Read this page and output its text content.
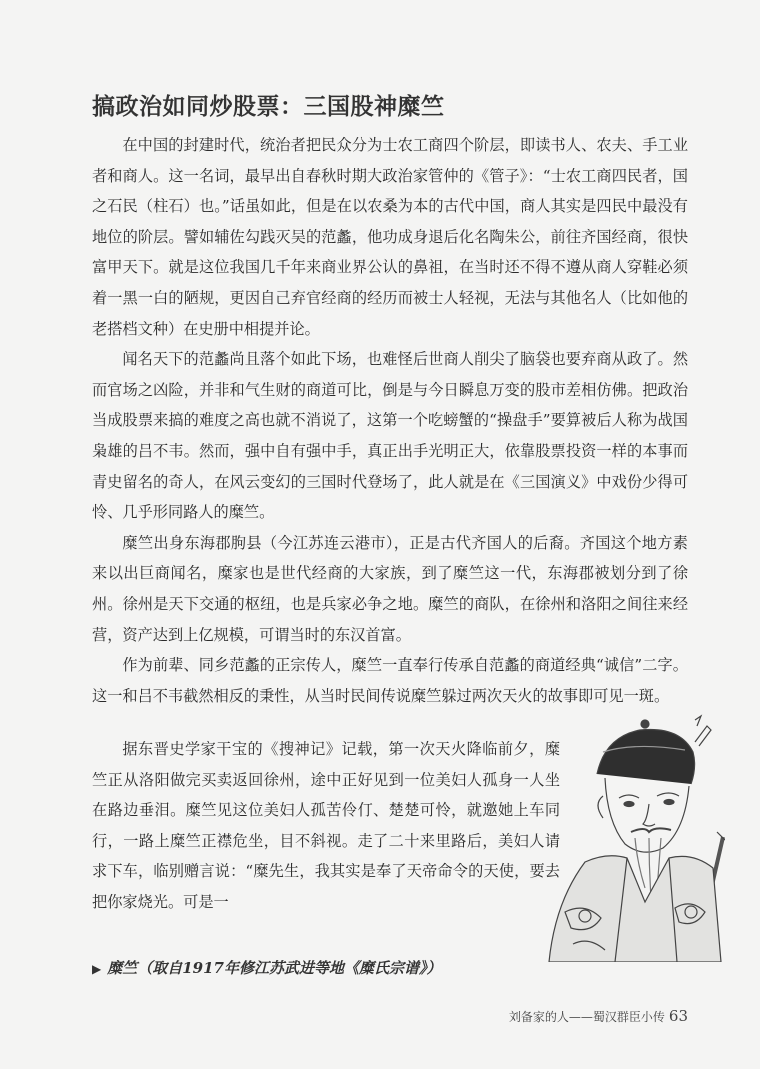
搞政治如同炒股票：三国股神糜竺

在中国的封建时代，统治者把民众分为士农工商四个阶层，即读书人、农夫、手工业者和商人。这一名词，最早出自春秋时期大政治家管仲的《管子》：“士农工商四民者，国之石民（柱石）也。”话虽如此，但是在以农桑为本的古代中国，商人其实是四民中最没有地位的阶层。譬如辅佐勾践灭吴的范蠡，他功成身退后化名陶朱公，前往齐国经商，很快富甲天下。就是这位我国几千年来商业界公认的鼻祖，在当时还不得不遵从商人穿鞋必须着一黑一白的陋规，更因自己弃官经商的经历而被士人轻视，无法与其他名人（比如他的老搭档文种）在史册中相提并论。

闻名天下的范蠡尚且落个如此下场，也难怪后世商人削尖了脑袋也要弃商从政了。然而官场之凶险，并非和气生财的商道可比，倒是与今日瞬息万变的股市差相仿佛。把政治当成股票来搞的难度之高也就不消说了，这第一个吃螃蟹的“操盘手”要算被后人称为战国枭雄的吕不韦。然而，强中自有强中手，真正出手光明正大，依靠股票投资一样的本事而青史留名的奇人，在风云变幻的三国时代登场了，此人就是在《三国演义》中戏份少得可怜、几乎形同路人的糜竺。

糜竺出身东海郡朐县（今江苏连云港市），正是古代齐国人的后裔。齐国这个地方素来以出巨商闻名，糜家也是世代经商的大家族，到了糜竺这一代，东海郡被划分到了徐州。徐州是天下交通的枢纽，也是兵家必争之地。糜竺的商队，在徐州和洛阳之间往来经营，资产达到上亿规模，可谓当时的东汉首富。

作为前辈、同乡范蠡的正宗传人，糜竺一直奉行传承自范蠡的商道经典“诚信”二字。这一和吕不韦截然相反的秉性，从当时民间传说糜竺躲过两次天火的故事即可见一斑。

据东晋史学家干宝的《搜神记》记载，第一次天火降临前夕，糜竺正从洛阳做完买卖返回徐州，途中正好见到一位美妇人孤身一人坐在路边垂泪。糜竺见这位美妇人孤苦伶仃、楚楚可怜，就邀她上车同行，一路上糜竺正襟危坐，目不斜视。走了二十来里路后，美妇人请求下车，临别赠言说：“糜先生，我其实是奉了天帝命令的天使，要去把你家烧光。可是一

▶ 糜竺（取自1917年修江苏武进等地《糜氏宗谱》）
刘备家的人——蜀汉群臣小传 63
